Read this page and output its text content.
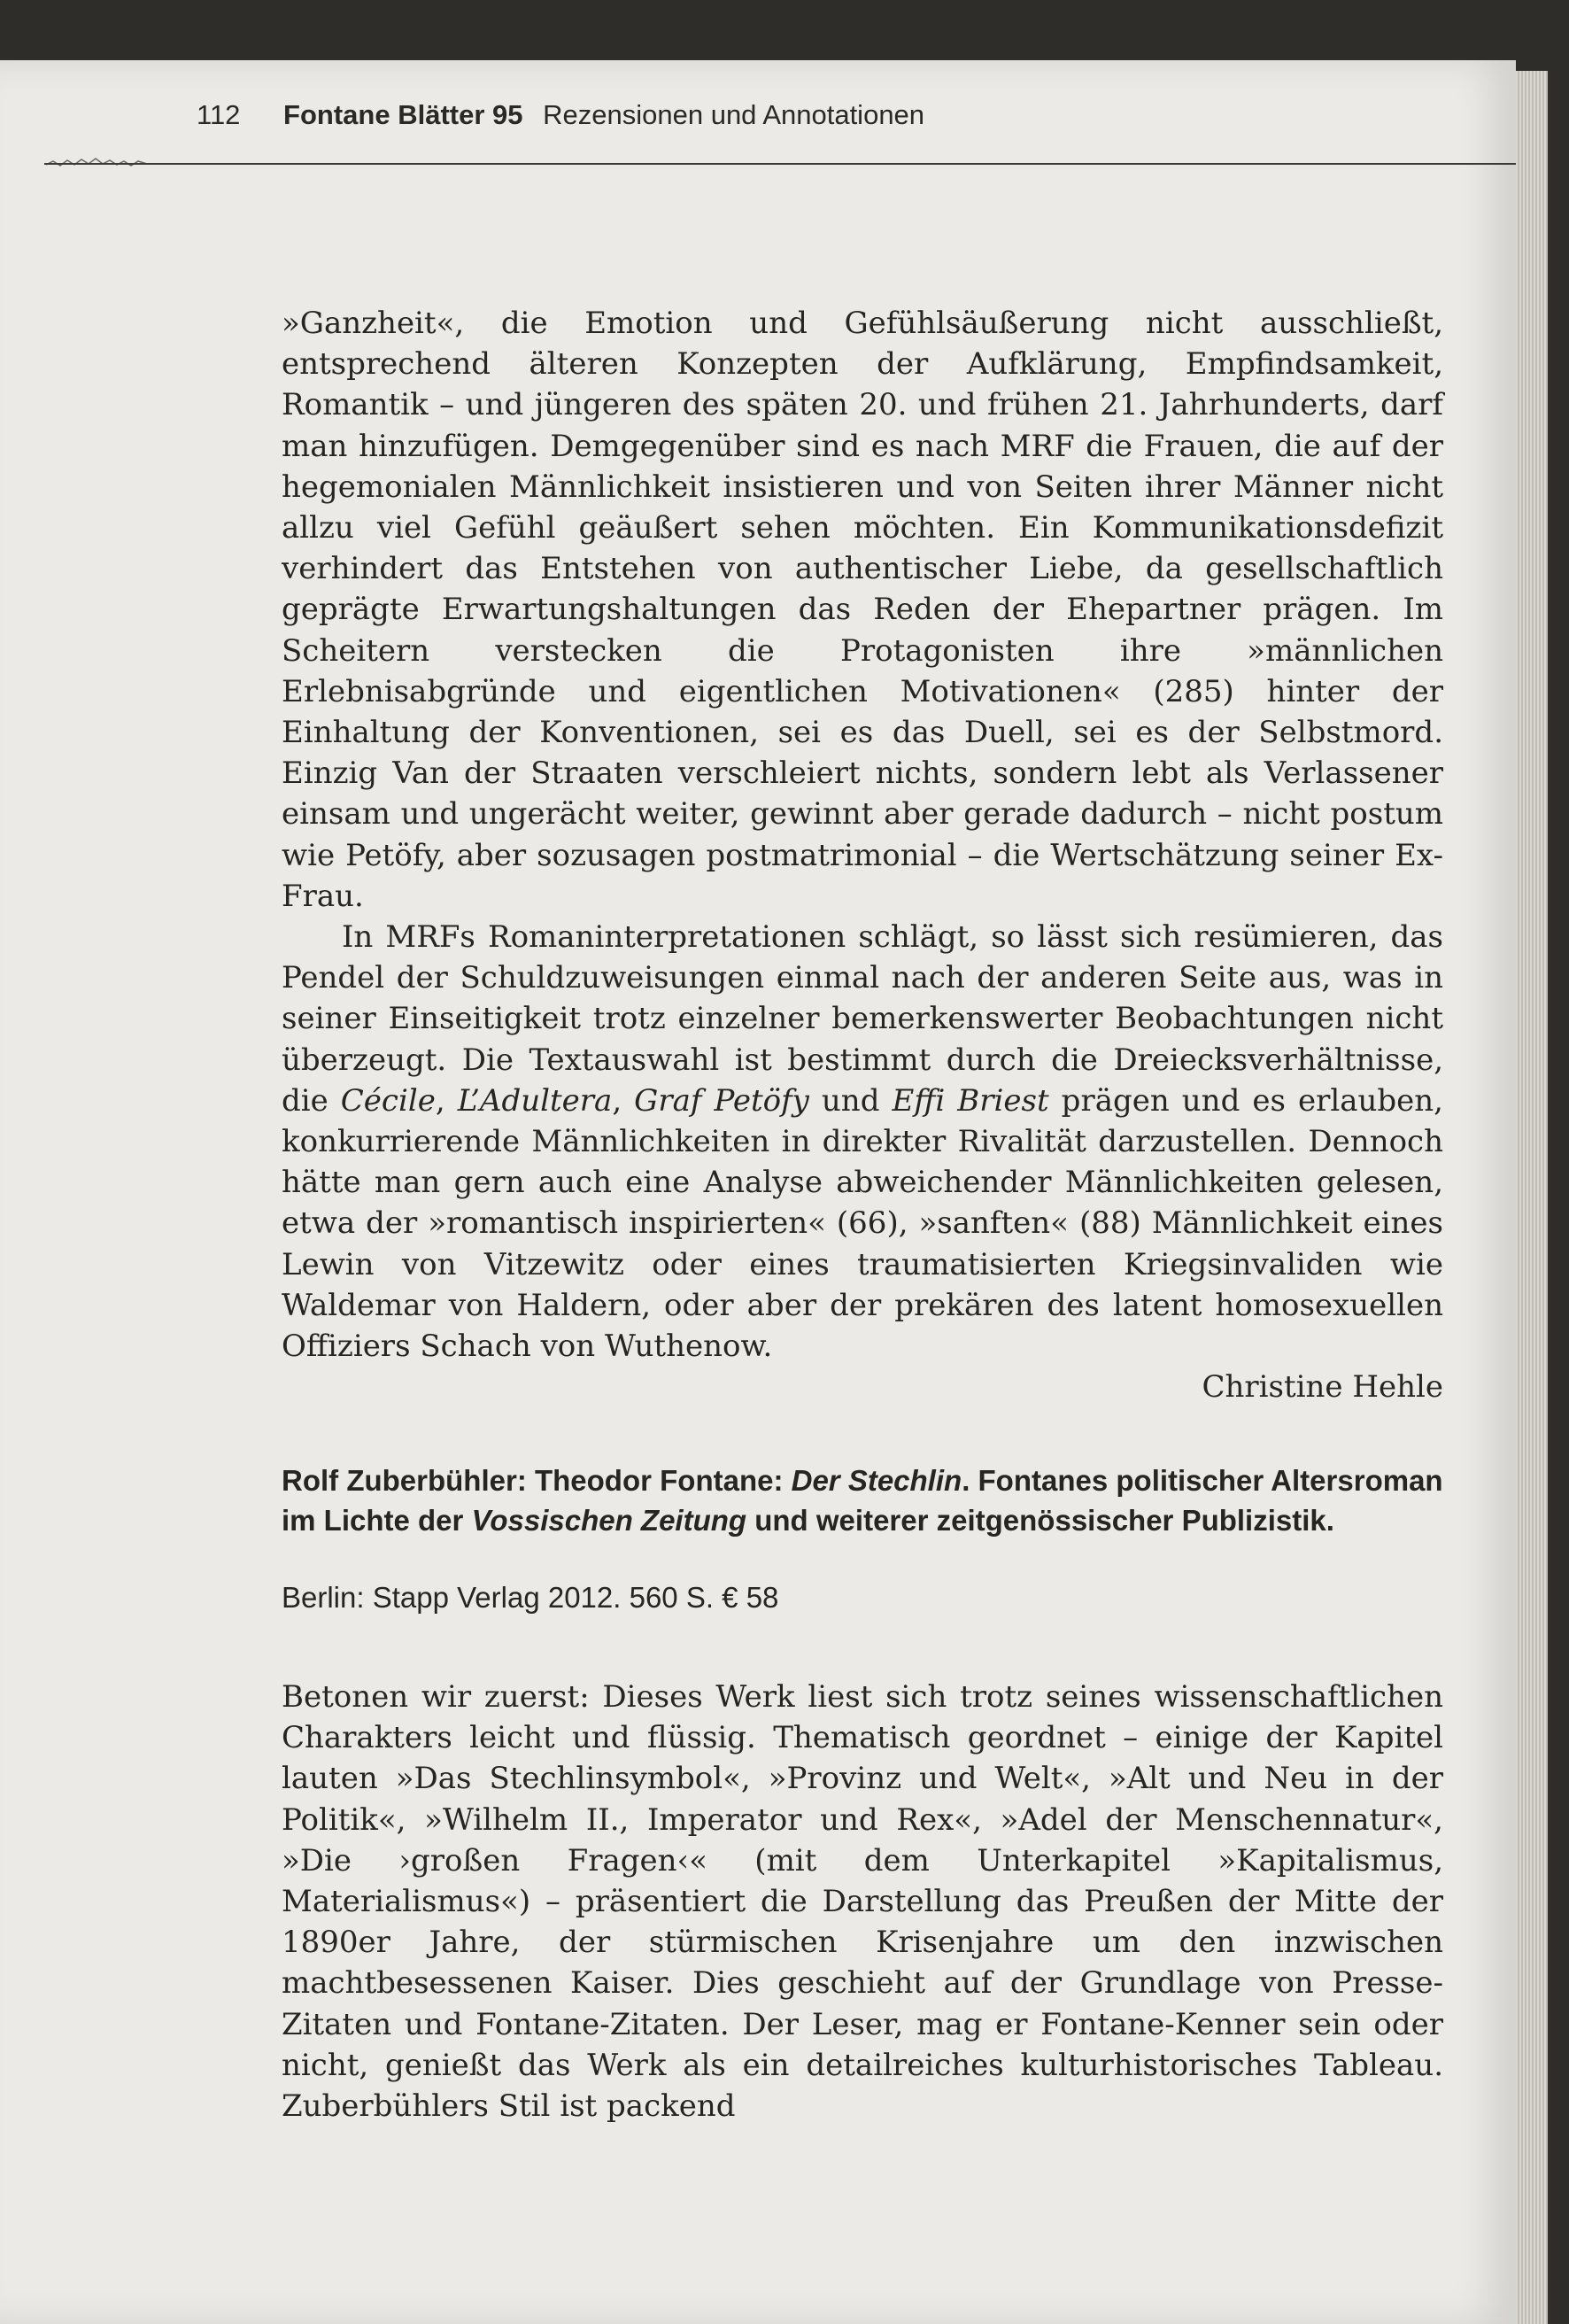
112 Fontane Blätter 95 Rezensionen und Annotationen

»Ganzheit«, die Emotion und Gefühlsäußerung nicht ausschließt, entsprechend älteren Konzepten der Aufklärung, Empfindsamkeit, Romantik – und jüngeren des späten 20. und frühen 21. Jahrhunderts, darf man hinzufügen. Demgegenüber sind es nach MRF die Frauen, die auf der hegemonialen Männlichkeit insistieren und von Seiten ihrer Männer nicht allzu viel Gefühl geäußert sehen möchten. Ein Kommunikationsdefizit verhindert das Entstehen von authentischer Liebe, da gesellschaftlich geprägte Erwartungshaltungen das Reden der Ehepartner prägen. Im Scheitern verstecken die Protagonisten ihre »männlichen Erlebnisabgründe und eigentlichen Motivationen« (285) hinter der Einhaltung der Konventionen, sei es das Duell, sei es der Selbstmord. Einzig Van der Straaten verschleiert nichts, sondern lebt als Verlassener einsam und ungerächt weiter, gewinnt aber gerade dadurch – nicht postum wie Petöfy, aber sozusagen postmatrimonial – die Wertschätzung seiner Ex-Frau.

In MRFs Romaninterpretationen schlägt, so lässt sich resümieren, das Pendel der Schuldzuweisungen einmal nach der anderen Seite aus, was in seiner Einseitigkeit trotz einzelner bemerkenswerter Beobachtungen nicht überzeugt. Die Textauswahl ist bestimmt durch die Dreiecksverhältnisse, die Cécile, L’Adultera, Graf Petöfy und Effi Briest prägen und es erlauben, konkurrierende Männlichkeiten in direkter Rivalität darzustellen. Dennoch hätte man gern auch eine Analyse abweichender Männlichkeiten gelesen, etwa der »romantisch inspirierten« (66), »sanften« (88) Männlichkeit eines Lewin von Vitzewitz oder eines traumatisierten Kriegsinvaliden wie Waldemar von Haldern, oder aber der prekären des latent homosexuellen Offiziers Schach von Wuthenow.

Christine Hehle

Rolf Zuberbühler: Theodor Fontane: Der Stechlin. Fontanes politischer Altersroman im Lichte der Vossischen Zeitung und weiterer zeitgenössischer Publizistik.
Berlin: Stapp Verlag 2012. 560 S. € 58

Betonen wir zuerst: Dieses Werk liest sich trotz seines wissenschaftlichen Charakters leicht und flüssig. Thematisch geordnet – einige der Kapitel lauten »Das Stechlinsymbol«, »Provinz und Welt«, »Alt und Neu in der Politik«, »Wilhelm II., Imperator und Rex«, »Adel der Menschennatur«, »Die ›großen Fragen‹« (mit dem Unterkapitel »Kapitalismus, Materialismus«) – präsentiert die Darstellung das Preußen der Mitte der 1890er Jahre, der stürmischen Krisenjahre um den inzwischen machtbesessenen Kaiser. Dies geschieht auf der Grundlage von Presse-Zitaten und Fontane-Zitaten. Der Leser, mag er Fontane-Kenner sein oder nicht, genießt das Werk als ein detailreiches kulturhistorisches Tableau. Zuberbühlers Stil ist packend
